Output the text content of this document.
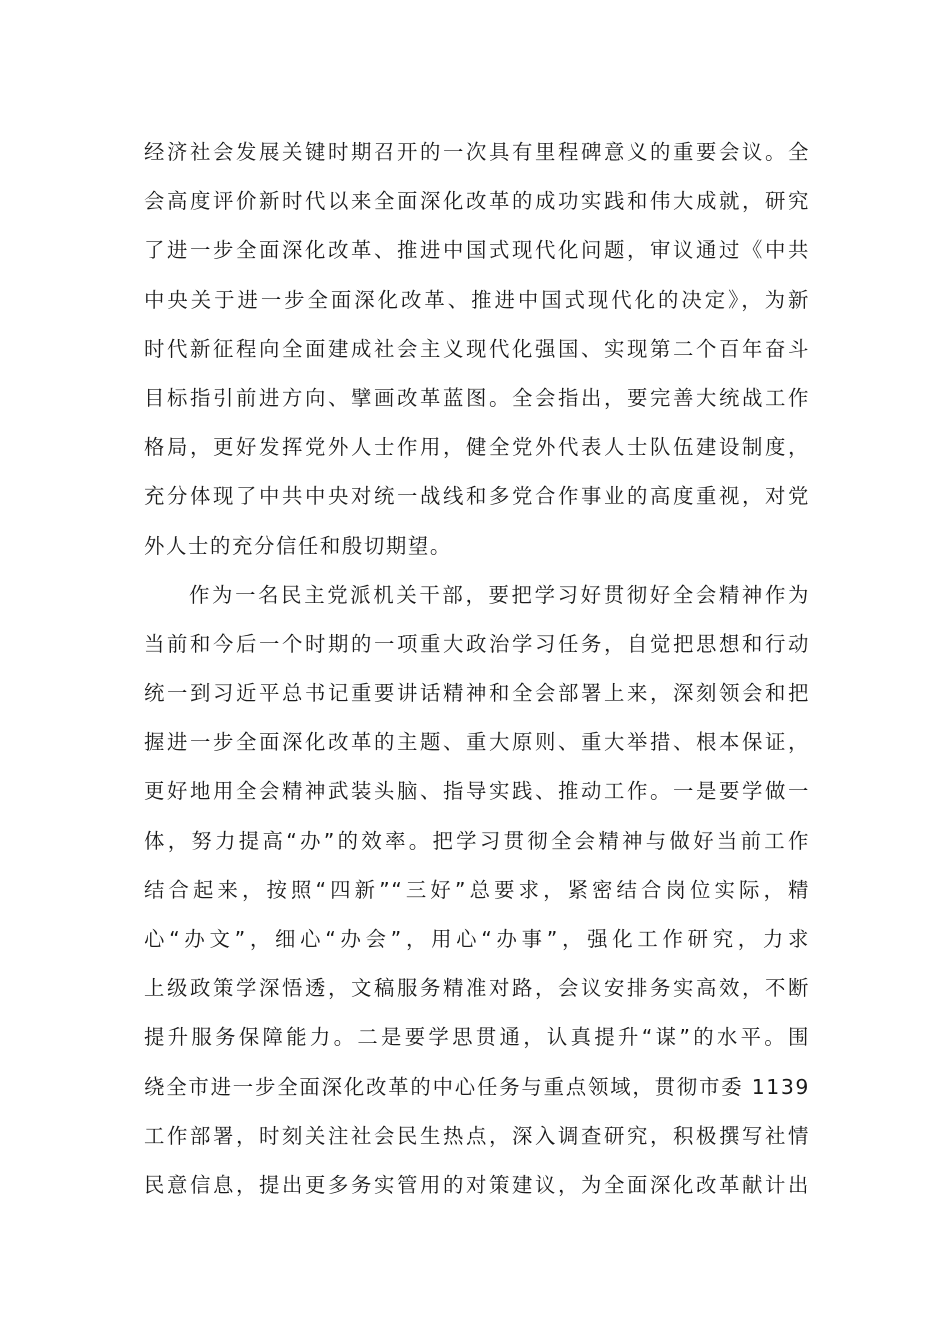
经济社会发展关键时期召开的一次具有里程碑意义的重要会议。全
会高度评价新时代以来全面深化改革的成功实践和伟大成就，研究
了进一步全面深化改革、推进中国式现代化问题，审议通过《中共
中央关于进一步全面深化改革、推进中国式现代化的决定》，为新
时代新征程向全面建成社会主义现代化强国、实现第二个百年奋斗
目标指引前进方向、擘画改革蓝图。全会指出，要完善大统战工作
格局，更好发挥党外人士作用，健全党外代表人士队伍建设制度，
充分体现了中共中央对统一战线和多党合作事业的高度重视，对党
外人士的充分信任和殷切期望。
作为一名民主党派机关干部，要把学习好贯彻好全会精神作为
当前和今后一个时期的一项重大政治学习任务，自觉把思想和行动
统一到习近平总书记重要讲话精神和全会部署上来，深刻领会和把
握进一步全面深化改革的主题、重大原则、重大举措、根本保证，
更好地用全会精神武装头脑、指导实践、推动工作。一是要学做一
体，努力提高“办”的效率。把学习贯彻全会精神与做好当前工作
结合起来，按照“四新”“三好”总要求，紧密结合岗位实际，精
心“办文”，细心“办会”，用心“办事”，强化工作研究，力求
上级政策学深悟透，文稿服务精准对路，会议安排务实高效，不断
提升服务保障能力。二是要学思贯通，认真提升“谋”的水平。围
绕全市进一步全面深化改革的中心任务与重点领域，贯彻市委 1139
工作部署，时刻关注社会民生热点，深入调查研究，积极撰写社情
民意信息，提出更多务实管用的对策建议，为全面深化改革献计出
